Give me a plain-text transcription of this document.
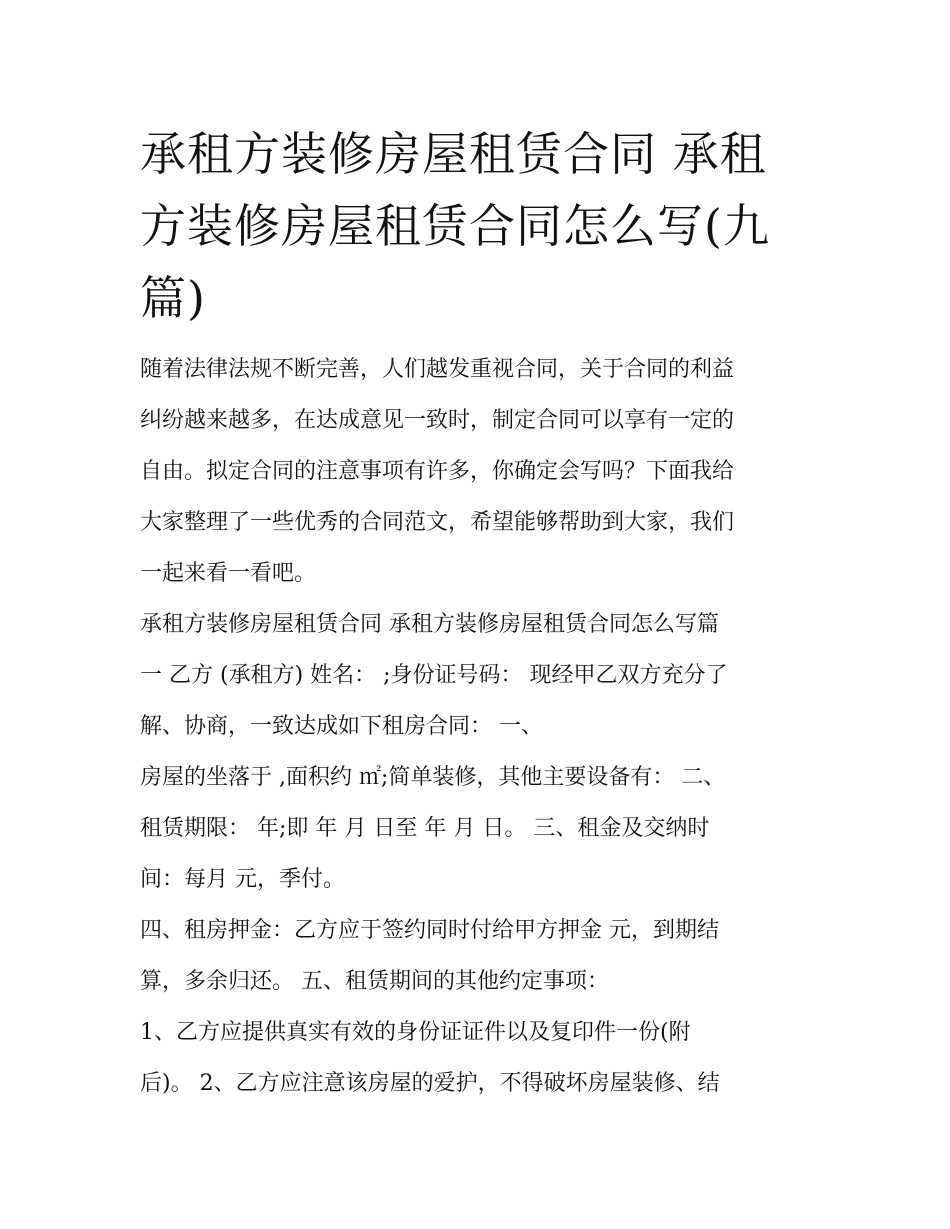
承租方装修房屋租赁合同 承租
方装修房屋租赁合同怎么写(九
篇)

随着法律法规不断完善，人们越发重视合同，关于合同的利益
纠纷越来越多，在达成意见一致时，制定合同可以享有一定的
自由。拟定合同的注意事项有许多，你确定会写吗？下面我给
大家整理了一些优秀的合同范文，希望能够帮助到大家，我们
一起来看一看吧。

承租方装修房屋租赁合同 承租方装修房屋租赁合同怎么写篇
一 乙方 (承租方) 姓名： ;身份证号码： 现经甲乙双方充分了
解、协商，一致达成如下租房合同： 一、

房屋的坐落于 ,面积约 ㎡;简单装修，其他主要设备有： 二、
租赁期限： 年;即 年 月 日至 年 月 日。 三、租金及交纳时
间：每月 元，季付。

四、租房押金：乙方应于签约同时付给甲方押金 元，到期结
算，多余归还。 五、租赁期间的其他约定事项：

1、乙方应提供真实有效的身份证证件以及复印件一份(附
后)。 2、乙方应注意该房屋的爱护，不得破坏房屋装修、结
